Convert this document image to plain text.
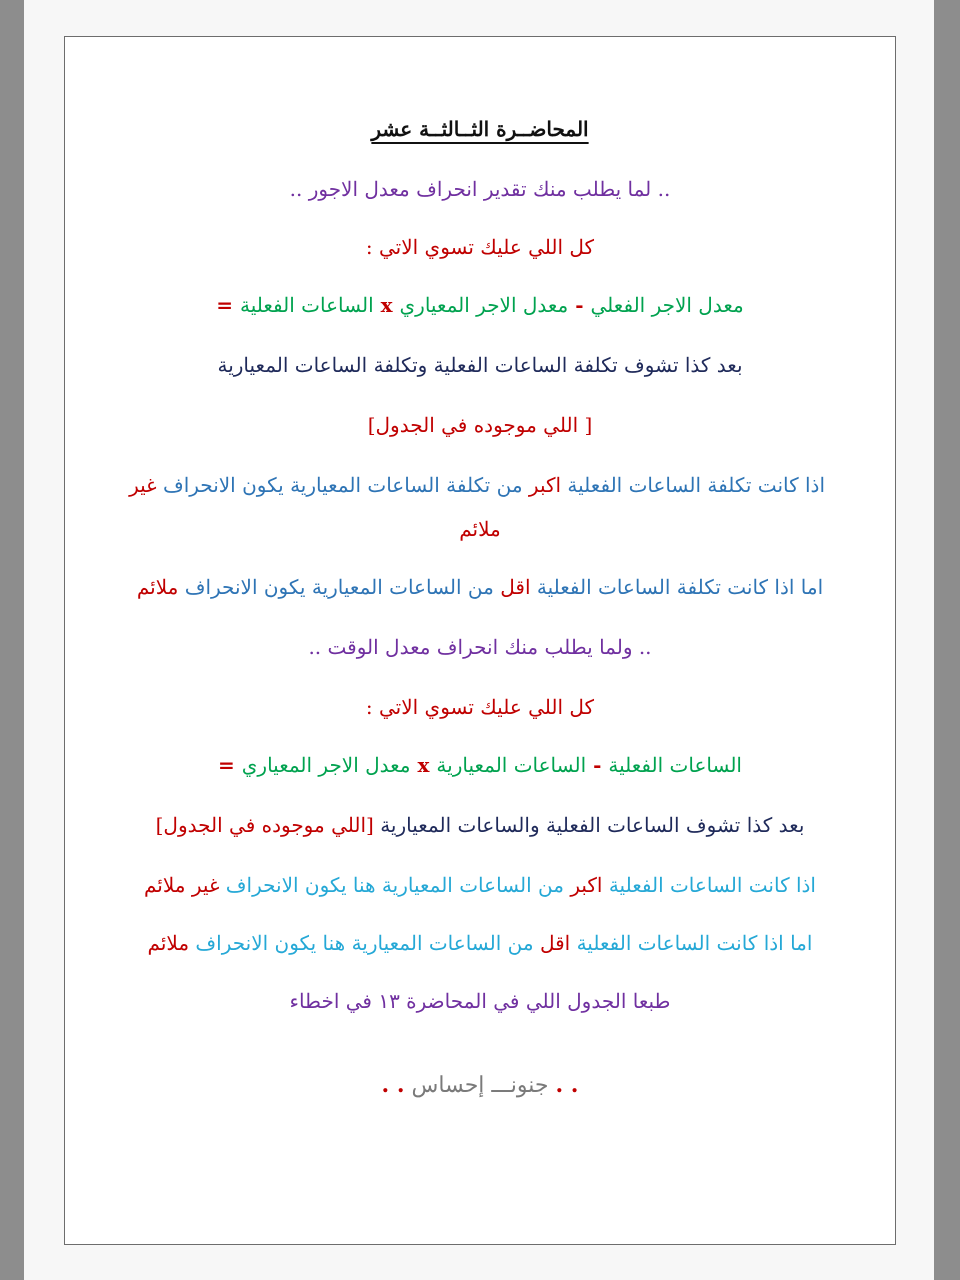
المحاضــرة الثــالثــة عشر
.. لما يطلب منك تقدير انحراف معدل الاجور ..
كل اللي عليك تسوي الاتي :
معدل الاجر الفعلي - معدل الاجر المعياري x الساعات الفعلية =
بعد كذا تشوف تكلفة الساعات الفعلية وتكلفة الساعات المعيارية
[ اللي موجوده في الجدول]
اذا كانت تكلفة الساعات الفعلية اكبر من تكلفة الساعات المعيارية يكون الانحراف غير
ملائم
اما اذا كانت تكلفة الساعات الفعلية اقل من الساعات المعيارية يكون الانحراف ملائم
.. ولما يطلب منك انحراف معدل الوقت ..
كل اللي عليك تسوي الاتي :
الساعات الفعلية - الساعات المعيارية x معدل الاجر المعياري =
بعد كذا تشوف الساعات الفعلية والساعات المعيارية [اللي موجوده في الجدول]
اذا كانت الساعات الفعلية اكبر من الساعات المعيارية هنا يكون الانحراف غير ملائم
اما اذا كانت الساعات الفعلية اقل من الساعات المعيارية هنا يكون الانحراف ملائم
طبعا الجدول اللي في المحاضرة ١٣ في اخطاء
. . جنونـــ إحساس . .
